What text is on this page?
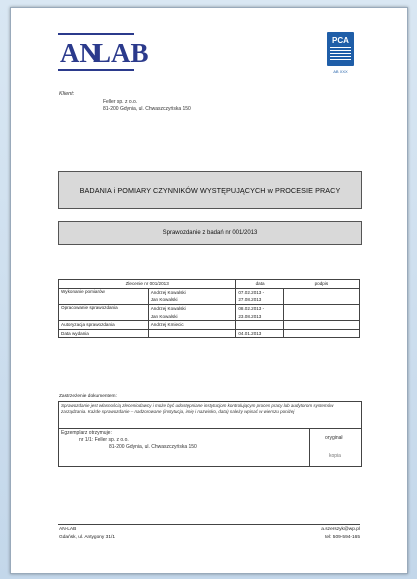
AN
LAB	PCA
AB XXX
Klient:
Feller sp. z o.o.
81-200 Gdynia, ul. Chwaszczyńska 150
BADANIA i POMIARY CZYNNIKÓW WYSTĘPUJĄCYCH w PROCESIE PRACY
Sprawozdanie z badań nr 001/2013
Zlecenie nr 001/2013		data	podpis
Wykonanie pomiarów	Andrzej Kowalski	07.02.2013 -	
	Jan Kowalski	27.08.2013	
Opracowanie sprawozdania	Andrzej Kowalski	08.02.2013 -	
	Jan Kowalski	23.08.2013	
Autoryzacja sprawozdania	Andrzej Kmiecic		
Data wydania		04.01.2013	
Zastrzeżenie dokumentem:
Sprawozdanie jest własnością zleceniodawcy i może być udostępniane instytucjom kontrolującym proces pracy lub audytorom systemów zarządzania. Każde sprawozdanie – nadzorowane (instytucja, imię i nazwisko, data) należy wpisać w wierszu poniżej
Egzemplarz otrzymuje:
nr 1/1: Feller sp. z o.o.
81-200 Gdynia, ul. Chwaszczyńska 150
oryginał
kopia
AN-LAB
Gdańsk, ul. Antygony 31/1
a.szerszyk@wp.pl
tel: 509-594-165
